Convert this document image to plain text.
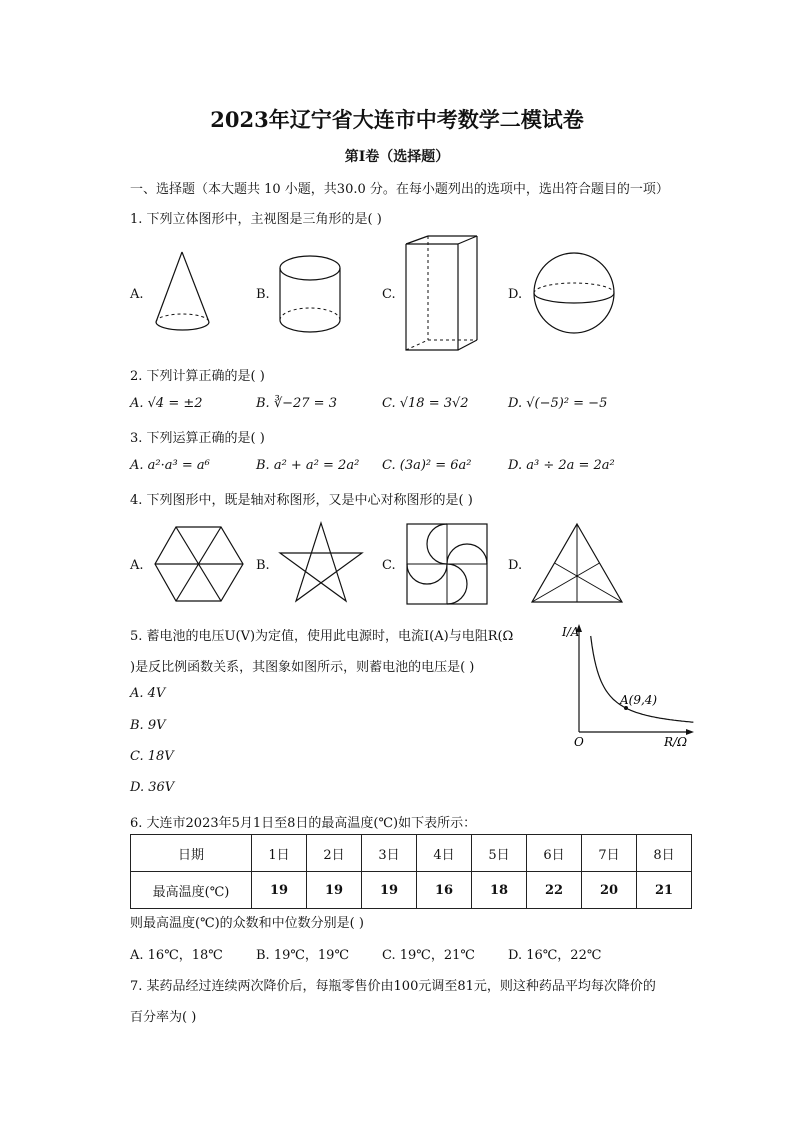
2023年辽宁省大连市中考数学二模试卷
第Ⅰ卷（选择题）
一、选择题（本大题共 10 小题，共30.0 分。在每小题列出的选项中，选出符合题目的一项）
1. 下列立体图形中，主视图是三角形的是( )
A.	B.	C.	D.
2. 下列计算正确的是( )
A. √4 = ±2	B. ∛−27 = 3	C. √18 = 3√2	D. √(−5)² = −5
3. 下列运算正确的是( )
A. a²·a³ = a⁶	B. a² + a² = 2a² C. (3a)² = 6a²	D. a³ ÷ 2a = 2a²
4. 下列图形中，既是轴对称图形，又是中心对称图形的是( )
A.	B.	C.	D.
5. 蓄电池的电压U(V)为定值，使用此电源时，电流I(A)与电阻R(Ω
)是反比例函数关系，其图象如图所示，则蓄电池的电压是( )
A. 4V
B. 9V
C. 18V
D. 36V
I/A
R/Ω
O
A(9,4)
6. 大连市2023年5月1日至8日的最高温度(℃)如下表所示：
日期	1日	2日	3日	4日	5日	6日	7日	8日
最高温度(℃)	19	19	19	16	18	22	20	21
则最高温度(℃)的众数和中位数分别是( )
A. 16℃，18℃	B. 19℃，19℃	C. 19℃，21℃	D. 16℃，22℃
7. 某药品经过连续两次降价后，每瓶零售价由100元调至81元，则这种药品平均每次降价的
百分率为( )
